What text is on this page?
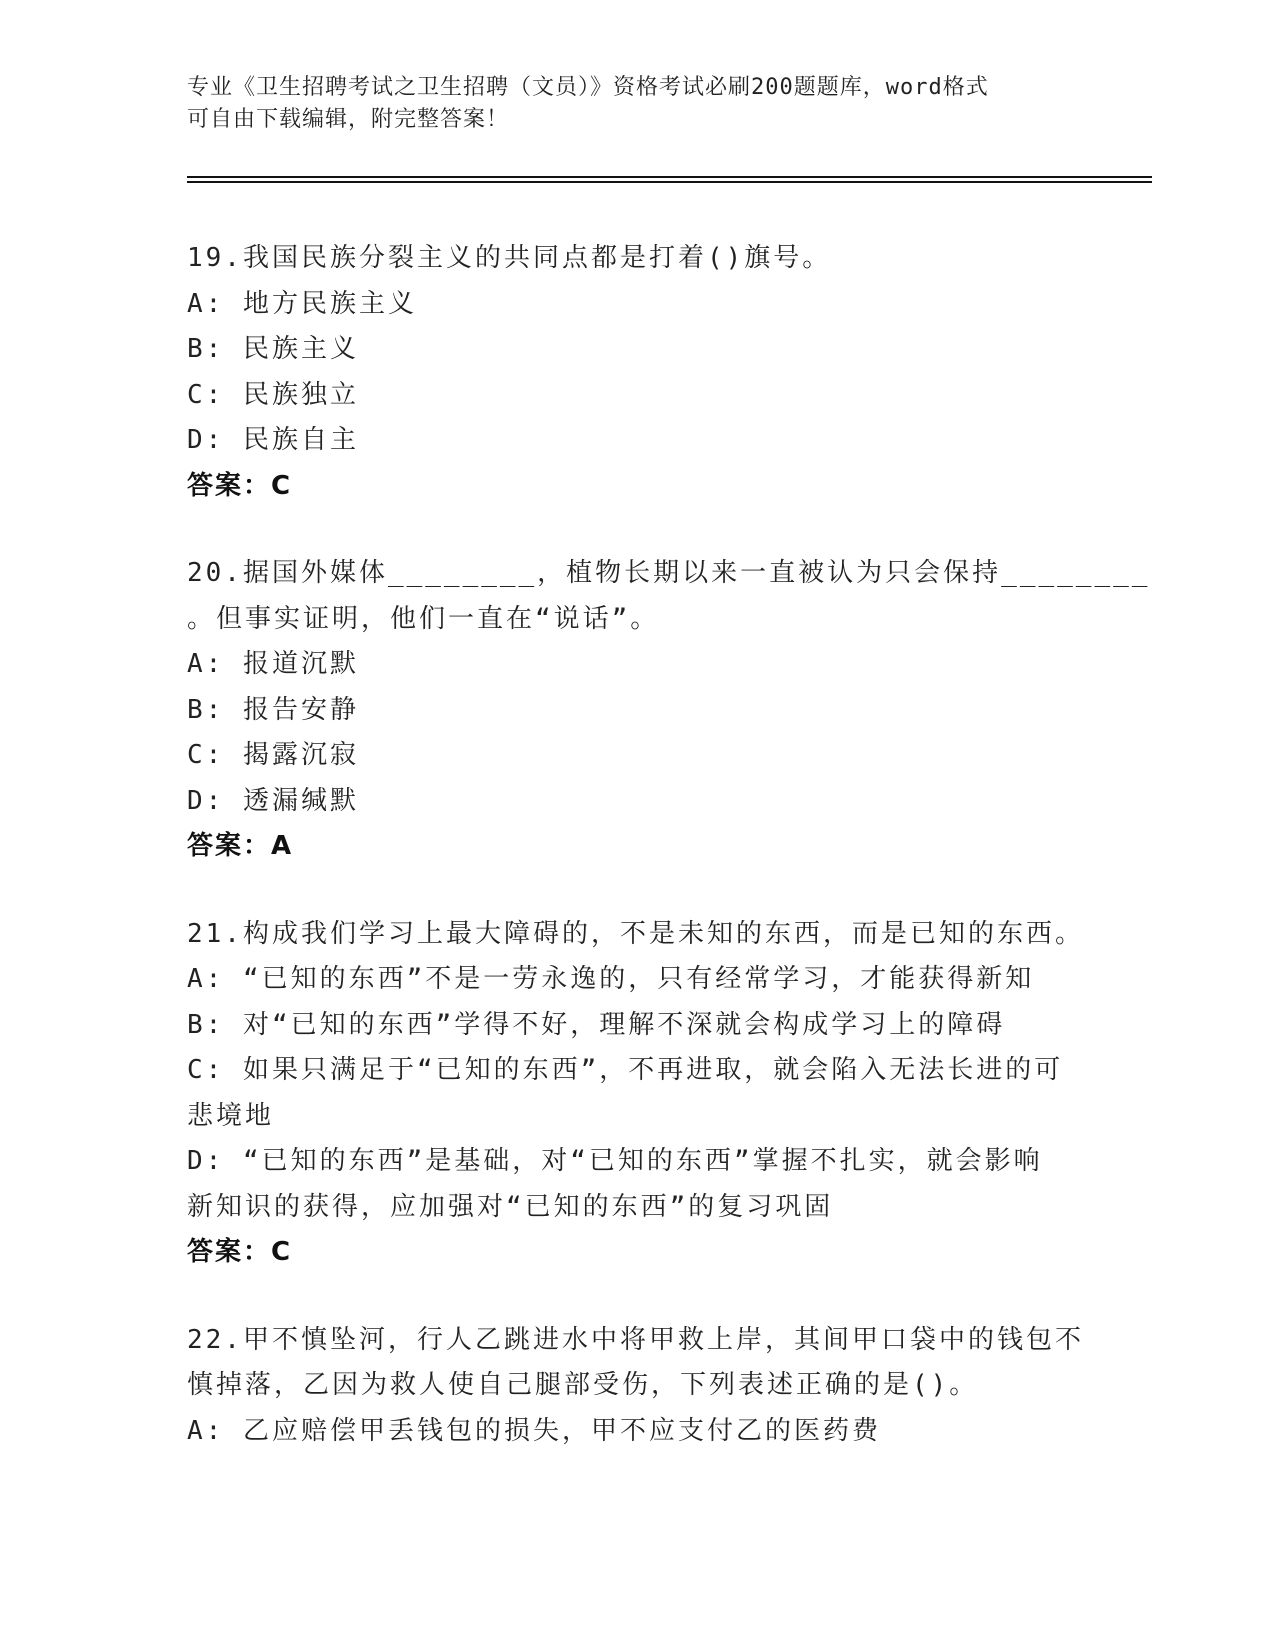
专业《卫生招聘考试之卫生招聘（文员）》资格考试必刷200题题库，word格式
可自由下载编辑，附完整答案！
19.我国民族分裂主义的共同点都是打着()旗号。
A: 地方民族主义
B: 民族主义
C: 民族独立
D: 民族自主
答案：C
20.据国外媒体________，植物长期以来一直被认为只会保持________
。但事实证明，他们一直在“说话”。
A: 报道沉默
B: 报告安静
C: 揭露沉寂
D: 透漏缄默
答案：A
21.构成我们学习上最大障碍的，不是未知的东西，而是已知的东西。
A: “已知的东西”不是一劳永逸的，只有经常学习，才能获得新知
B: 对“已知的东西”学得不好，理解不深就会构成学习上的障碍
C: 如果只满足于“已知的东西”，不再进取，就会陷入无法长进的可
悲境地
D: “已知的东西”是基础，对“已知的东西”掌握不扎实，就会影响
新知识的获得，应加强对“已知的东西”的复习巩固
答案：C
22.甲不慎坠河，行人乙跳进水中将甲救上岸，其间甲口袋中的钱包不
慎掉落，乙因为救人使自己腿部受伤，下列表述正确的是()。
A: 乙应赔偿甲丢钱包的损失，甲不应支付乙的医药费
